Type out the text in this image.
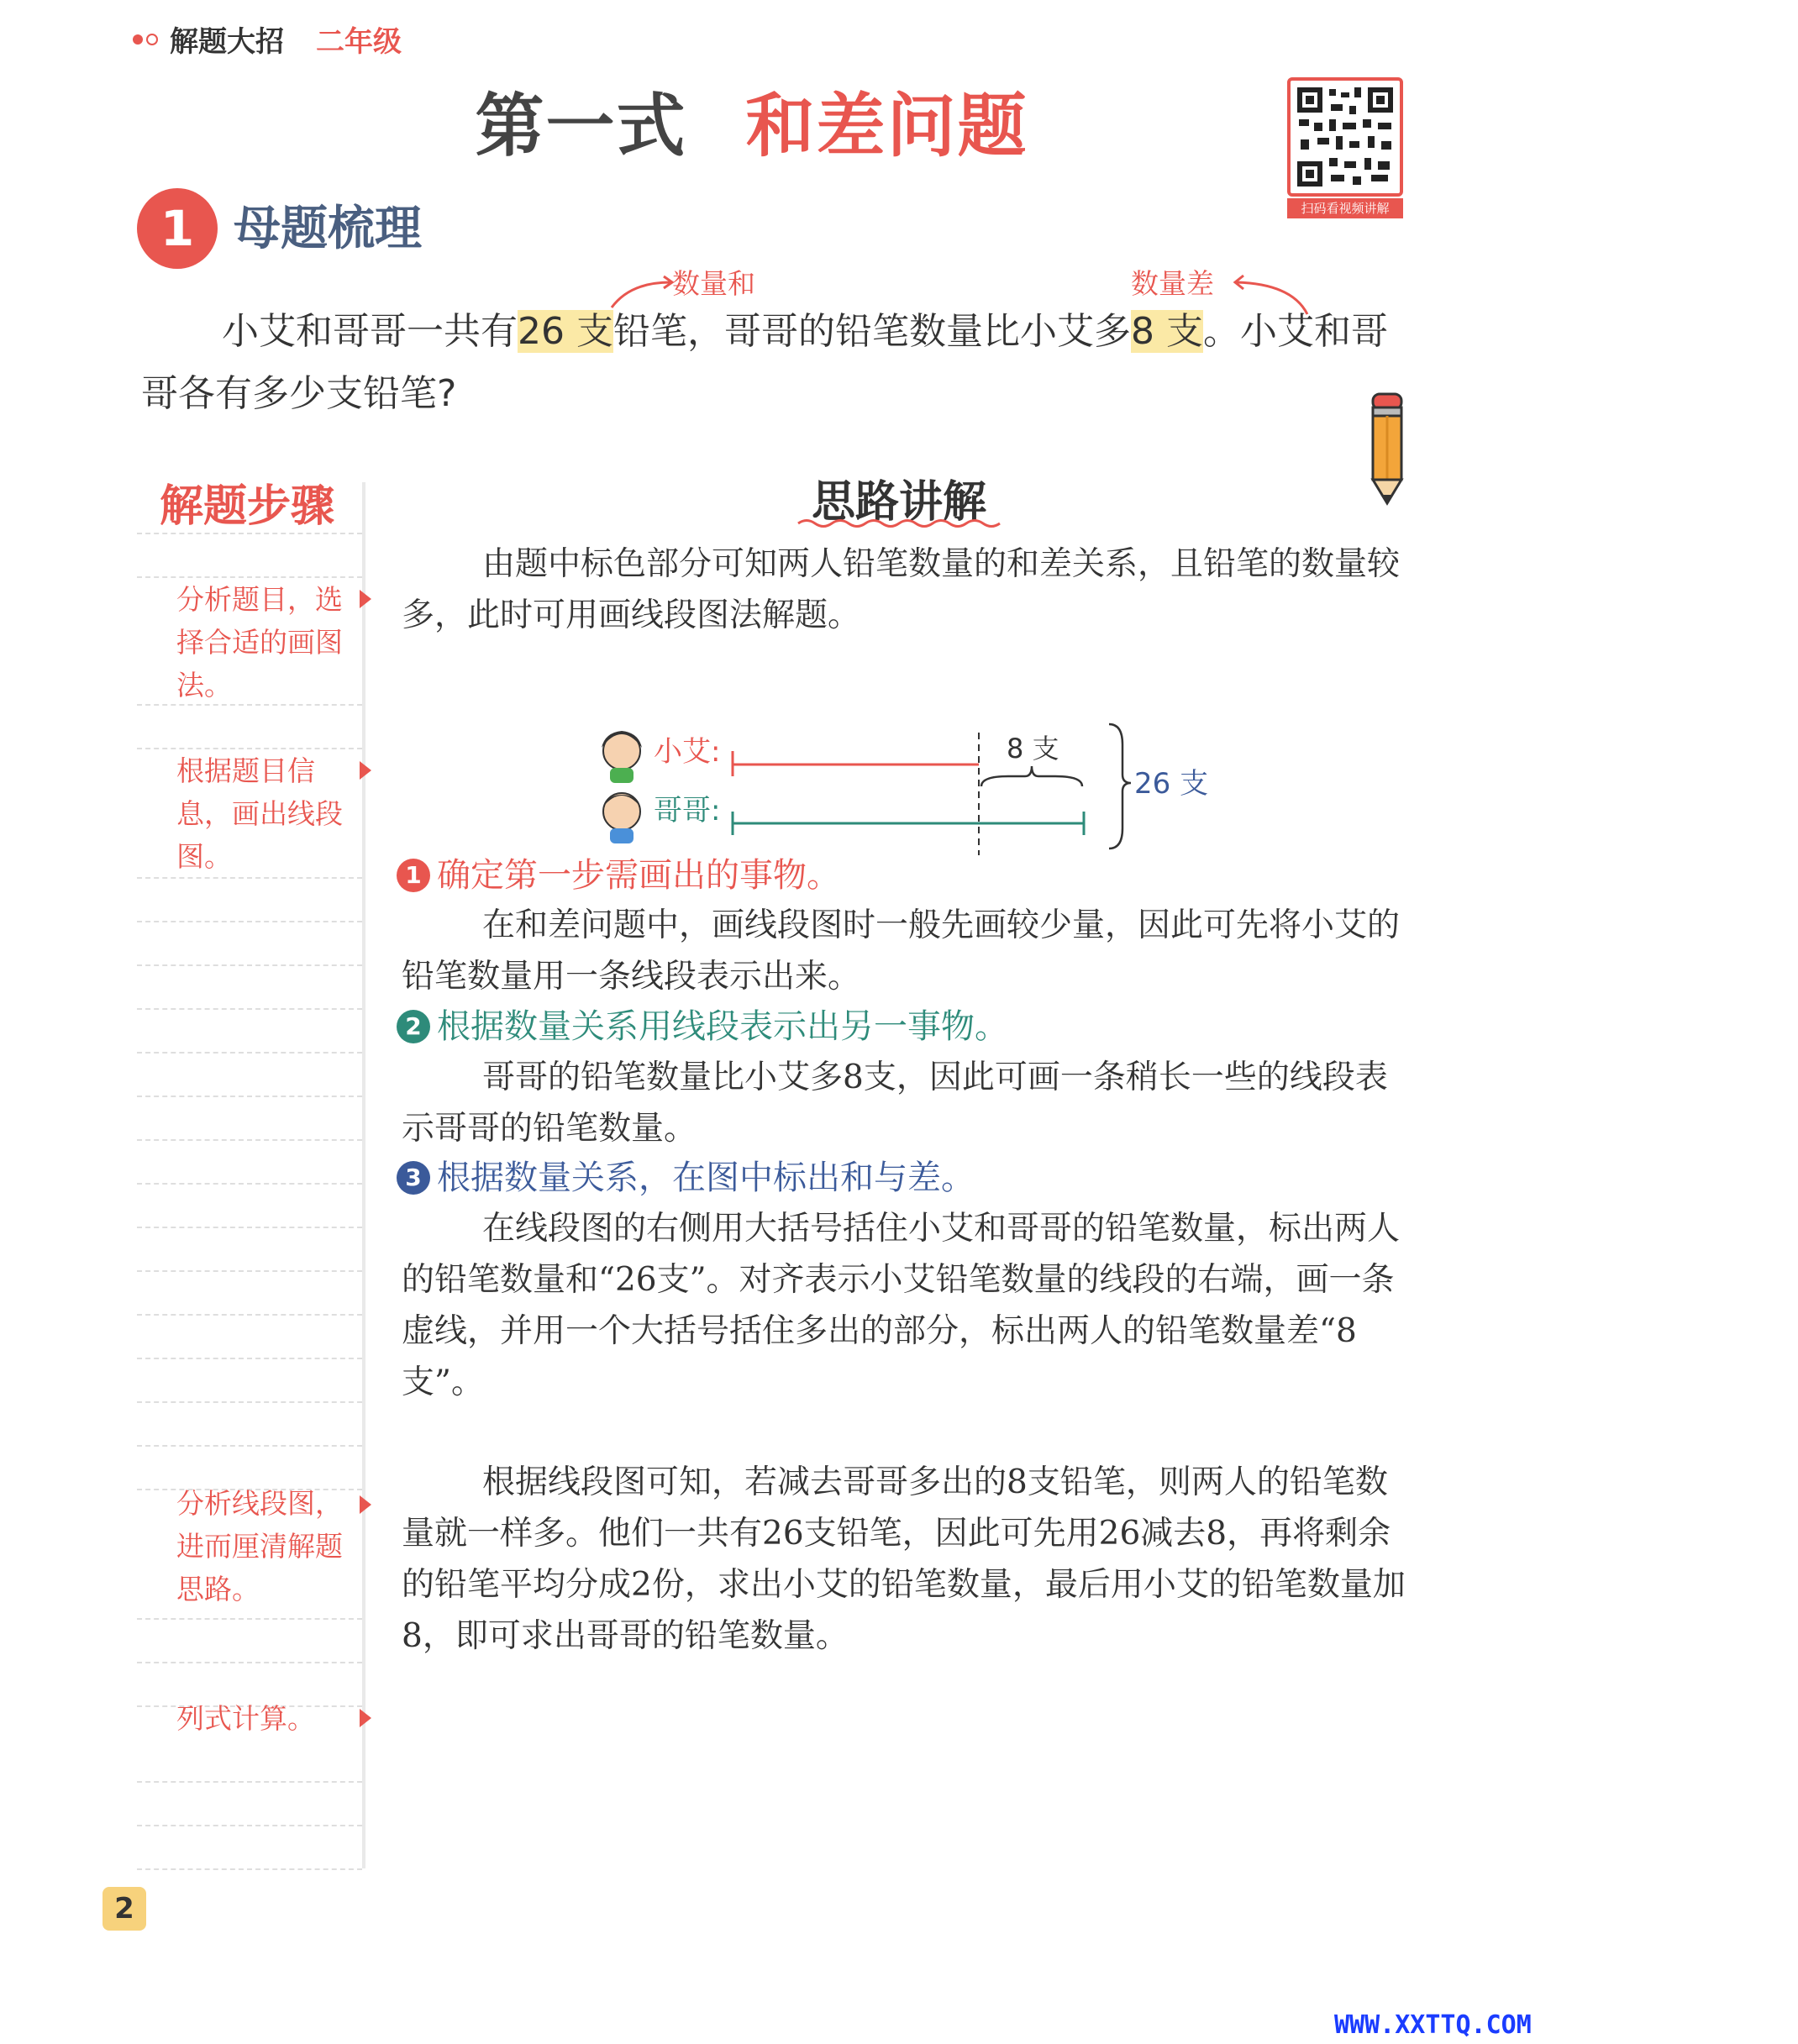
解题大招 二年级
第一式 和差问题
扫码看视频讲解
1 母题梳理
数量和	数量差

小艾和哥哥一共有26 支铅笔，哥哥的铅笔数量比小艾多8 支。小艾和哥哥各有多少支铅笔?

解题步骤
分析题目，选择合适的画图法。
根据题目信息，画出线段图。
分析线段图，进而厘清解题思路。
列式计算。
思路讲解

由题中标色部分可知两人铅笔数量的和差关系，且铅笔的数量较多，此时可用画线段图法解题。

小艾:
哥哥:
8 支
26 支
1 确定第一步需画出的事物。

在和差问题中，画线段图时一般先画较少量，因此可先将小艾的铅笔数量用一条线段表示出来。

2 根据数量关系用线段表示出另一事物。

哥哥的铅笔数量比小艾多8支，因此可画一条稍长一些的线段表示哥哥的铅笔数量。

3 根据数量关系，在图中标出和与差。

在线段图的右侧用大括号括住小艾和哥哥的铅笔数量，标出两人的铅笔数量和“26支”。对齐表示小艾铅笔数量的线段的右端，画一条虚线，并用一个大括号括住多出的部分，标出两人的铅笔数量差“8支”。

根据线段图可知，若减去哥哥多出的8支铅笔，则两人的铅笔数量就一样多。他们一共有26支铅笔，因此可先用26减去8，再将剩余的铅笔平均分成2份，求出小艾的铅笔数量，最后用小艾的铅笔数量加8，即可求出哥哥的铅笔数量。

2
WWW.XXTTQ.COM
